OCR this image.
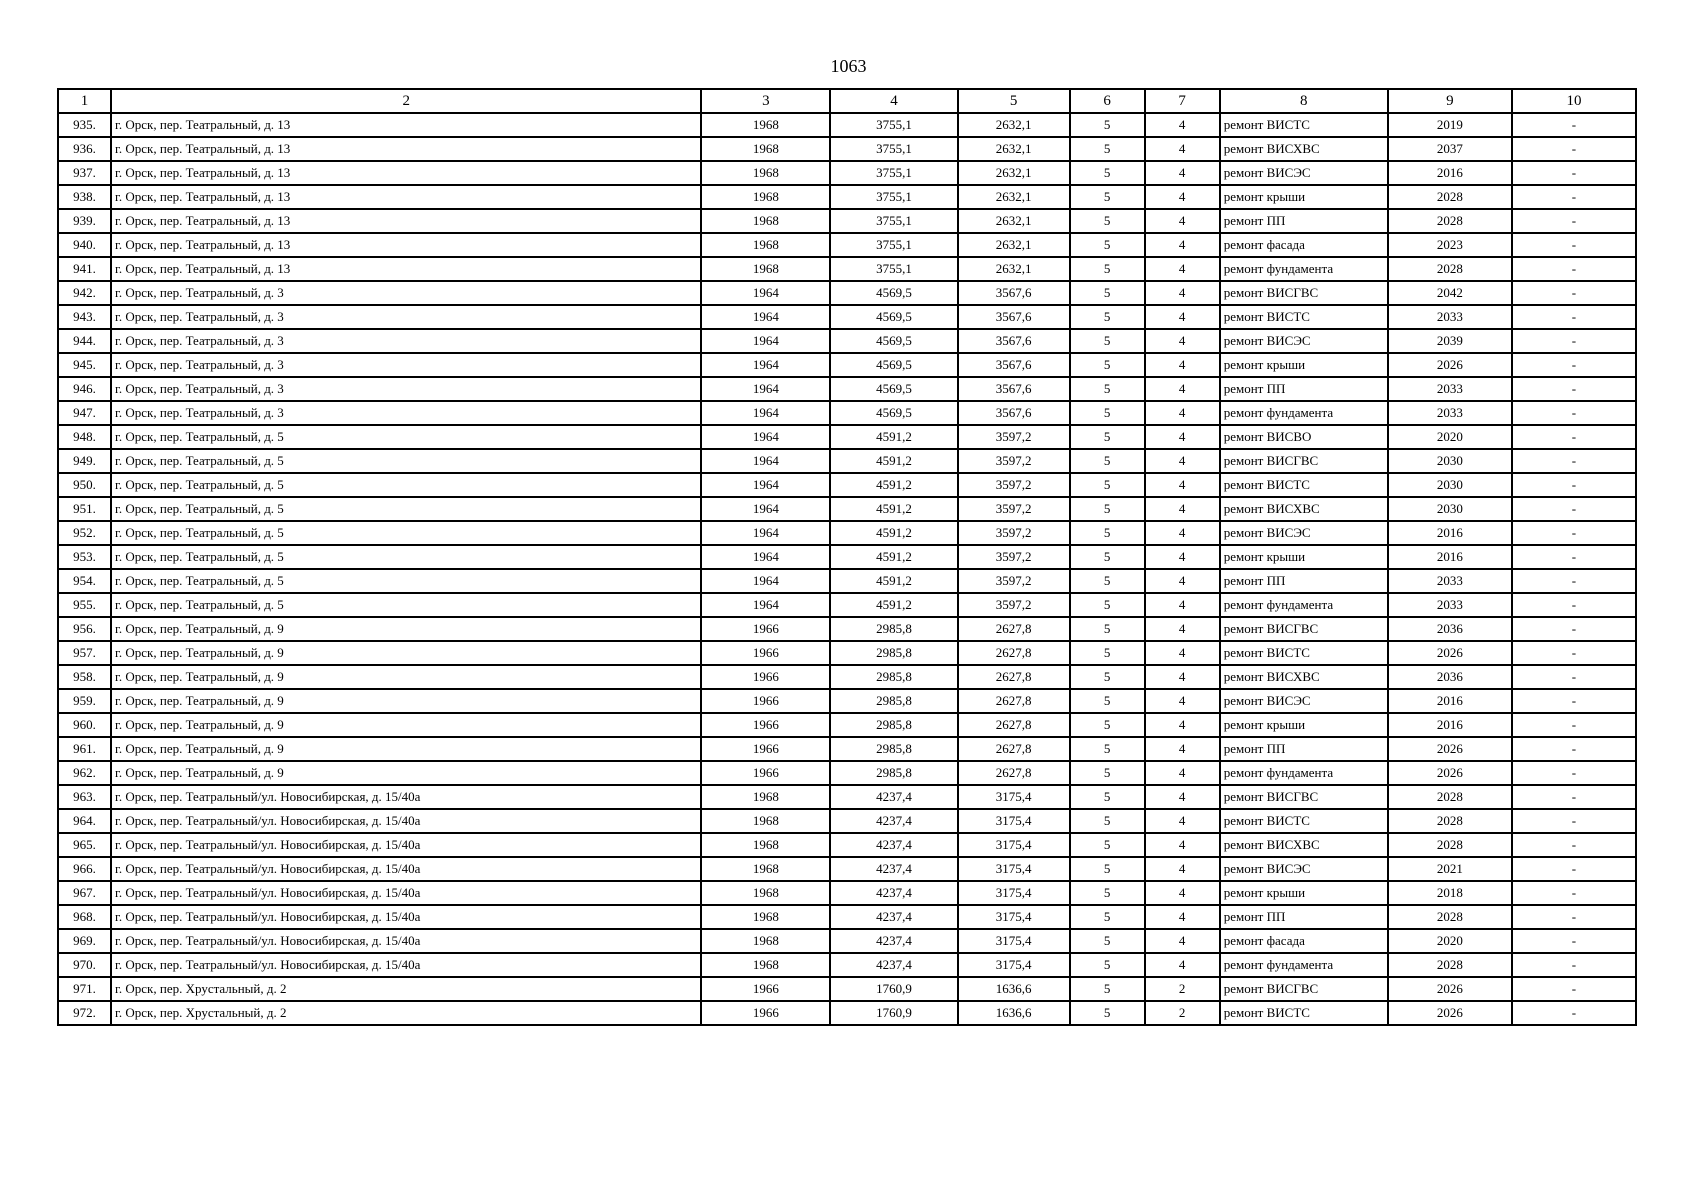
1063
1	2	3	4	5	6	7	8	9	10
935.	г. Орск, пер. Театральный, д. 13	1968	3755,1	2632,1	5	4	ремонт ВИСТС	2019	-
936.	г. Орск, пер. Театральный, д. 13	1968	3755,1	2632,1	5	4	ремонт ВИСХВС	2037	-
937.	г. Орск, пер. Театральный, д. 13	1968	3755,1	2632,1	5	4	ремонт ВИСЭС	2016	-
938.	г. Орск, пер. Театральный, д. 13	1968	3755,1	2632,1	5	4	ремонт крыши	2028	-
939.	г. Орск, пер. Театральный, д. 13	1968	3755,1	2632,1	5	4	ремонт ПП	2028	-
940.	г. Орск, пер. Театральный, д. 13	1968	3755,1	2632,1	5	4	ремонт фасада	2023	-
941.	г. Орск, пер. Театральный, д. 13	1968	3755,1	2632,1	5	4	ремонт фундамента	2028	-
942.	г. Орск, пер. Театральный, д. 3	1964	4569,5	3567,6	5	4	ремонт ВИСГВС	2042	-
943.	г. Орск, пер. Театральный, д. 3	1964	4569,5	3567,6	5	4	ремонт ВИСТС	2033	-
944.	г. Орск, пер. Театральный, д. 3	1964	4569,5	3567,6	5	4	ремонт ВИСЭС	2039	-
945.	г. Орск, пер. Театральный, д. 3	1964	4569,5	3567,6	5	4	ремонт крыши	2026	-
946.	г. Орск, пер. Театральный, д. 3	1964	4569,5	3567,6	5	4	ремонт ПП	2033	-
947.	г. Орск, пер. Театральный, д. 3	1964	4569,5	3567,6	5	4	ремонт фундамента	2033	-
948.	г. Орск, пер. Театральный, д. 5	1964	4591,2	3597,2	5	4	ремонт ВИСВО	2020	-
949.	г. Орск, пер. Театральный, д. 5	1964	4591,2	3597,2	5	4	ремонт ВИСГВС	2030	-
950.	г. Орск, пер. Театральный, д. 5	1964	4591,2	3597,2	5	4	ремонт ВИСТС	2030	-
951.	г. Орск, пер. Театральный, д. 5	1964	4591,2	3597,2	5	4	ремонт ВИСХВС	2030	-
952.	г. Орск, пер. Театральный, д. 5	1964	4591,2	3597,2	5	4	ремонт ВИСЭС	2016	-
953.	г. Орск, пер. Театральный, д. 5	1964	4591,2	3597,2	5	4	ремонт крыши	2016	-
954.	г. Орск, пер. Театральный, д. 5	1964	4591,2	3597,2	5	4	ремонт ПП	2033	-
955.	г. Орск, пер. Театральный, д. 5	1964	4591,2	3597,2	5	4	ремонт фундамента	2033	-
956.	г. Орск, пер. Театральный, д. 9	1966	2985,8	2627,8	5	4	ремонт ВИСГВС	2036	-
957.	г. Орск, пер. Театральный, д. 9	1966	2985,8	2627,8	5	4	ремонт ВИСТС	2026	-
958.	г. Орск, пер. Театральный, д. 9	1966	2985,8	2627,8	5	4	ремонт ВИСХВС	2036	-
959.	г. Орск, пер. Театральный, д. 9	1966	2985,8	2627,8	5	4	ремонт ВИСЭС	2016	-
960.	г. Орск, пер. Театральный, д. 9	1966	2985,8	2627,8	5	4	ремонт крыши	2016	-
961.	г. Орск, пер. Театральный, д. 9	1966	2985,8	2627,8	5	4	ремонт ПП	2026	-
962.	г. Орск, пер. Театральный, д. 9	1966	2985,8	2627,8	5	4	ремонт фундамента	2026	-
963.	г. Орск, пер. Театральный/ул. Новосибирская, д. 15/40а	1968	4237,4	3175,4	5	4	ремонт ВИСГВС	2028	-
964.	г. Орск, пер. Театральный/ул. Новосибирская, д. 15/40а	1968	4237,4	3175,4	5	4	ремонт ВИСТС	2028	-
965.	г. Орск, пер. Театральный/ул. Новосибирская, д. 15/40а	1968	4237,4	3175,4	5	4	ремонт ВИСХВС	2028	-
966.	г. Орск, пер. Театральный/ул. Новосибирская, д. 15/40а	1968	4237,4	3175,4	5	4	ремонт ВИСЭС	2021	-
967.	г. Орск, пер. Театральный/ул. Новосибирская, д. 15/40а	1968	4237,4	3175,4	5	4	ремонт крыши	2018	-
968.	г. Орск, пер. Театральный/ул. Новосибирская, д. 15/40а	1968	4237,4	3175,4	5	4	ремонт ПП	2028	-
969.	г. Орск, пер. Театральный/ул. Новосибирская, д. 15/40а	1968	4237,4	3175,4	5	4	ремонт фасада	2020	-
970.	г. Орск, пер. Театральный/ул. Новосибирская, д. 15/40а	1968	4237,4	3175,4	5	4	ремонт фундамента	2028	-
971.	г. Орск, пер. Хрустальный, д. 2	1966	1760,9	1636,6	5	2	ремонт ВИСГВС	2026	-
972.	г. Орск, пер. Хрустальный, д. 2	1966	1760,9	1636,6	5	2	ремонт ВИСТС	2026	-
